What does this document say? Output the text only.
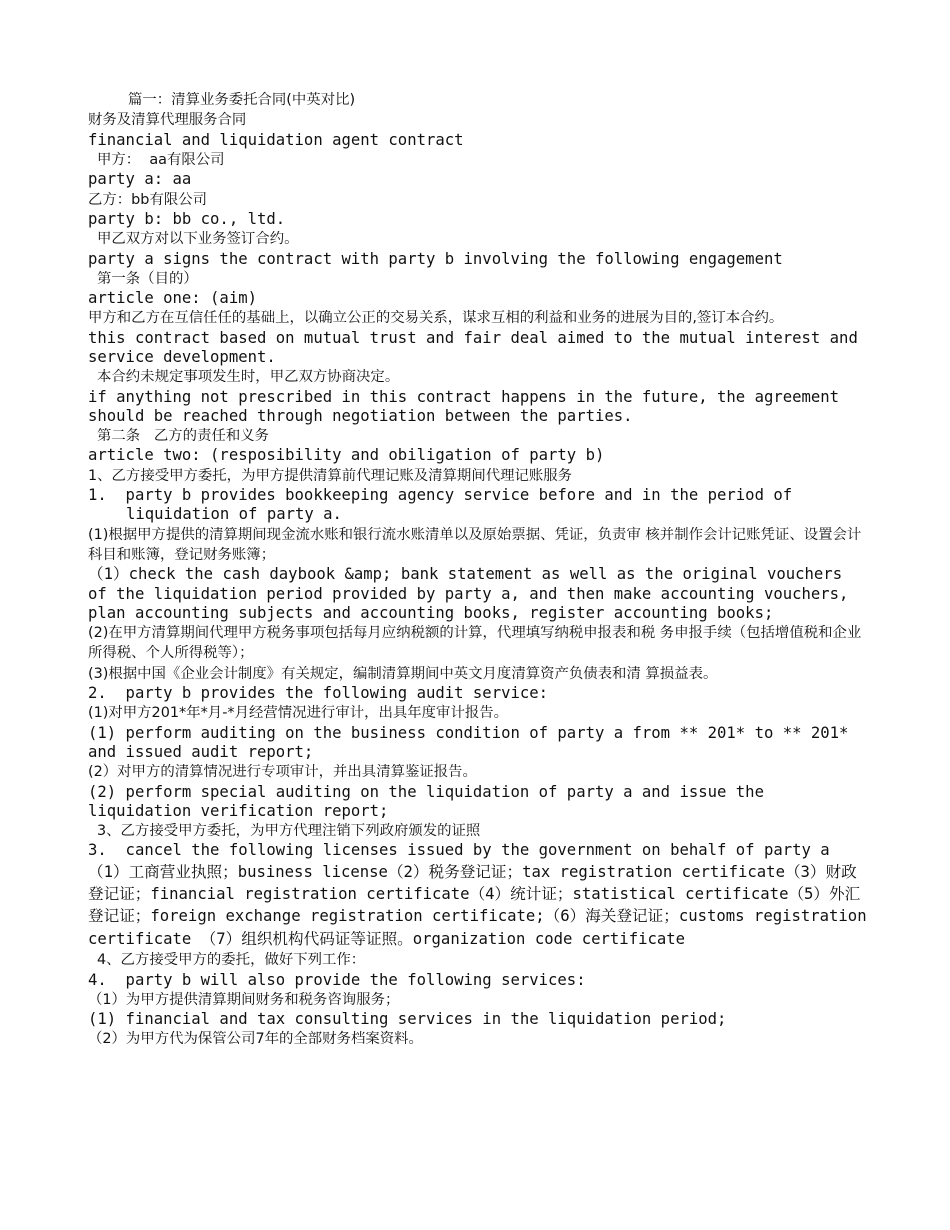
篇一：清算业务委托合同(中英对比)
财务及清算代理服务合同
financial and liquidation agent contract
甲方：  aa有限公司
party a: aa
乙方：bb有限公司
party b: bb co., ltd.
甲乙双方对以下业务签订合约。
party a signs the contract with party b involving the following engagement
第一条（目的）
article one: (aim)
甲方和乙方在互信任任的基础上，以确立公正的交易关系，谋求互相的利益和业务的进展为目的,签订本合约。
this contract based on mutual trust and fair deal aimed to the mutual interest and service development.
本合约未规定事项发生时，甲乙双方协商决定。
if anything not prescribed in this contract happens in the future, the agreement should be reached through negotiation between the parties.
第二条   乙方的责任和义务
article two: (resposibility and obiligation of party b)
1、乙方接受甲方委托，为甲方提供清算前代理记账及清算期间代理记账服务
1.  party b provides bookkeeping agency service before and in the period of liquidation of party a.
(1)根据甲方提供的清算期间现金流水账和银行流水账清单以及原始票据、凭证，负责审 核并制作会计记账凭证、设置会计科目和账簿，登记财务账簿；
（1）check the cash daybook &amp; bank statement as well as the original vouchers of the liquidation period provided by party a, and then make accounting vouchers, plan accounting subjects and accounting books, register accounting books;
(2)在甲方清算期间代理甲方税务事项包括每月应纳税额的计算，代理填写纳税申报表和税 务申报手续（包括增值税和企业所得税、个人所得税等）；
(3)根据中国《企业会计制度》有关规定，编制清算期间中英文月度清算资产负债表和清 算损益表。
2.  party b provides the following audit service:
(1)对甲方201*年*月-*月经营情况进行审计，出具年度审计报告。
(1) perform auditing on the business condition of party a from ** 201* to ** 201* and issued audit report;
(2）对甲方的清算情况进行专项审计，并出具清算鉴证报告。
(2) perform special auditing on the liquidation of party a and issue the liquidation verification report;
3、乙方接受甲方委托，为甲方代理注销下列政府颁发的证照
3.  cancel the following licenses issued by the government on behalf of party a
（1）工商营业执照；business license（2）税务登记证；tax registration certificate（3）财政登记证；financial registration certificate（4）统计证；statistical certificate（5）外汇登记证；foreign exchange registration certificate;（6）海关登记证；customs registration certificate （7）组织机构代码证等证照。organization code certificate
4、乙方接受甲方的委托，做好下列工作：
4.  party b will also provide the following services:
（1）为甲方提供清算期间财务和税务咨询服务；
(1) financial and tax consulting services in the liquidation period;
（2）为甲方代为保管公司7年的全部财务档案资料。
